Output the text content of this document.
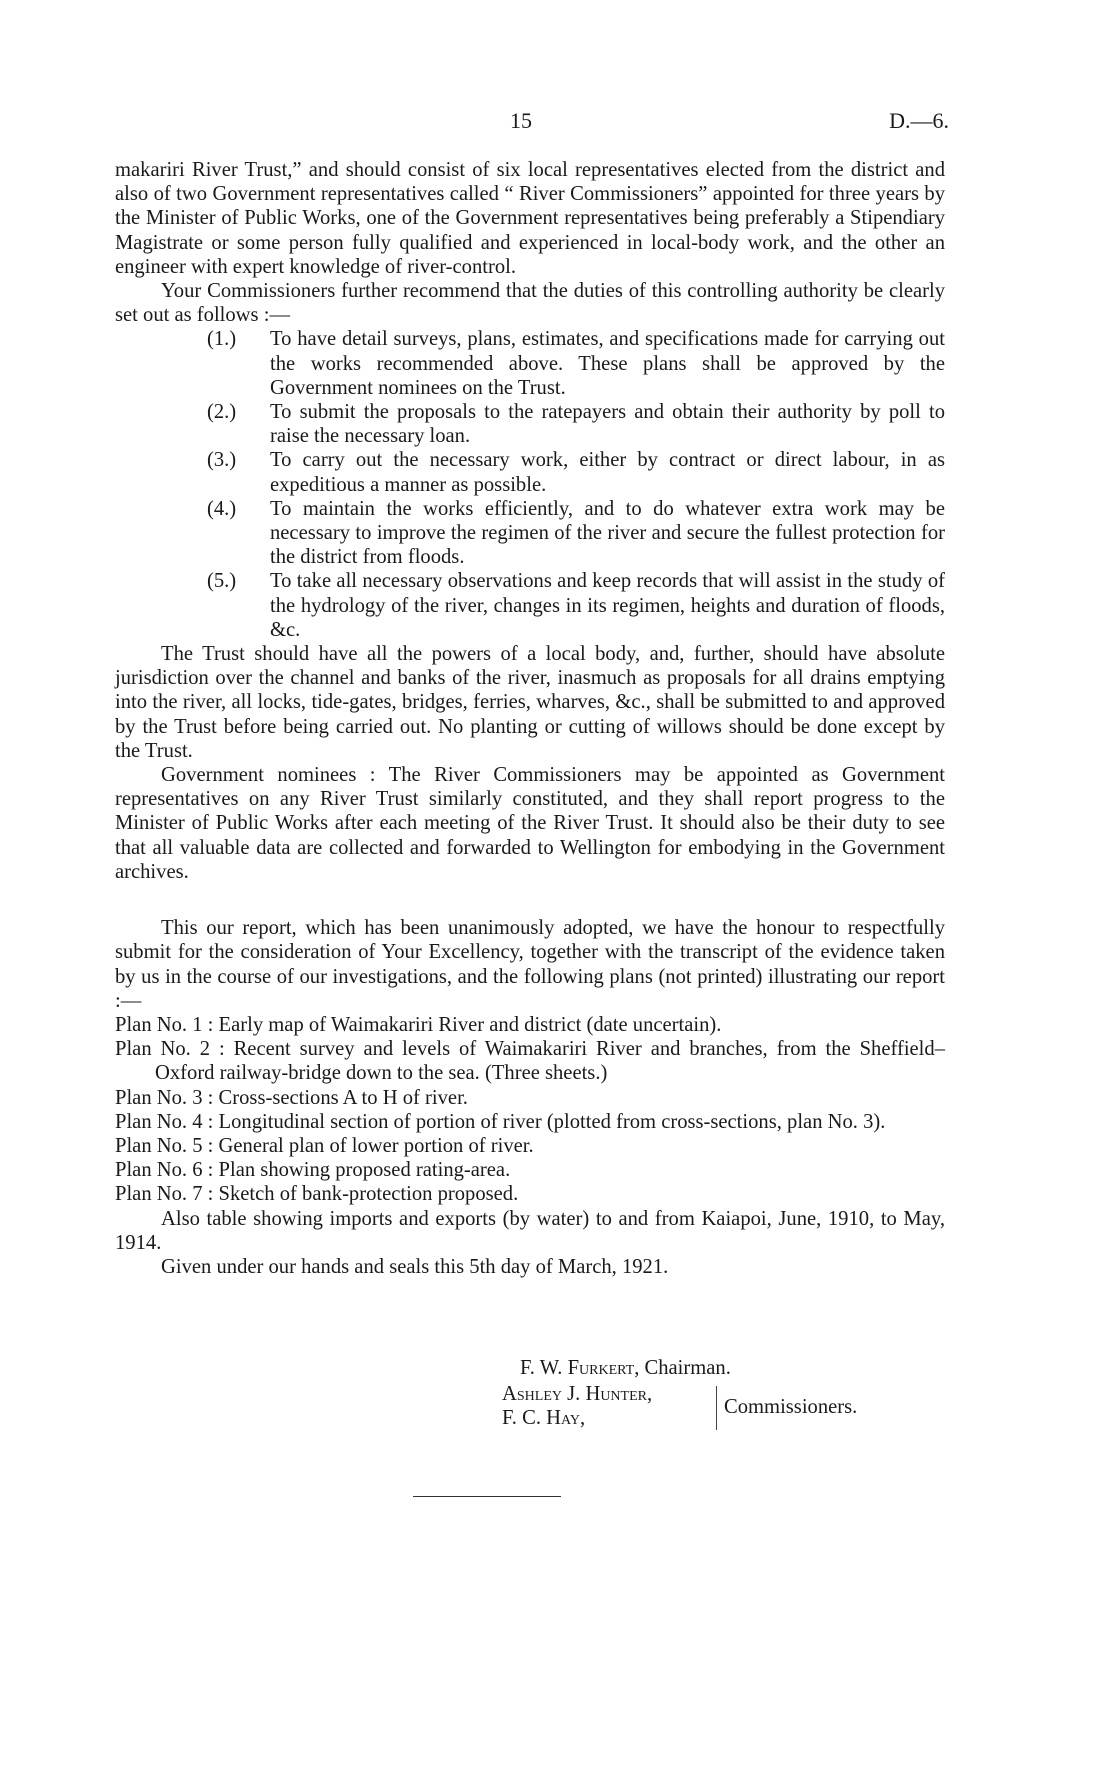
15	D.—6.

makariri River Trust,” and should consist of six local representatives elected from the district and also of two Government representatives called “ River Commissioners” appointed for three years by the Minister of Public Works, one of the Government representatives being preferably a Stipendiary Magistrate or some person fully qualified and experienced in local-body work, and the other an engineer with expert knowledge of river-control.

Your Commissioners further recommend that the duties of this controlling authority be clearly set out as follows :—

(1.) To have detail surveys, plans, estimates, and specifications made for carrying out the works recommended above. These plans shall be approved by the Government nominees on the Trust.
(2.) To submit the proposals to the ratepayers and obtain their authority by poll to raise the necessary loan.
(3.) To carry out the necessary work, either by contract or direct labour, in as expeditious a manner as possible.
(4.) To maintain the works efficiently, and to do whatever extra work may be necessary to improve the regimen of the river and secure the fullest protection for the district from floods.
(5.) To take all necessary observations and keep records that will assist in the study of the hydrology of the river, changes in its regimen, heights and duration of floods, &c.

The Trust should have all the powers of a local body, and, further, should have absolute jurisdiction over the channel and banks of the river, inasmuch as proposals for all drains emptying into the river, all locks, tide-gates, bridges, ferries, wharves, &c., shall be submitted to and approved by the Trust before being carried out. No planting or cutting of willows should be done except by the Trust.

Government nominees : The River Commissioners may be appointed as Government representatives on any River Trust similarly constituted, and they shall report progress to the Minister of Public Works after each meeting of the River Trust. It should also be their duty to see that all valuable data are collected and forwarded to Wellington for embodying in the Government archives.

This our report, which has been unanimously adopted, we have the honour to respectfully submit for the consideration of Your Excellency, together with the transcript of the evidence taken by us in the course of our investigations, and the following plans (not printed) illustrating our report :—

Plan No. 1 : Early map of Waimakariri River and district (date uncertain).

Plan No. 2 : Recent survey and levels of Waimakariri River and branches, from the Sheffield–Oxford railway-bridge down to the sea. (Three sheets.)

Plan No. 3 : Cross-sections A to H of river.

Plan No. 4 : Longitudinal section of portion of river (plotted from cross-sections, plan No. 3).

Plan No. 5 : General plan of lower portion of river.

Plan No. 6 : Plan showing proposed rating-area.

Plan No. 7 : Sketch of bank-protection proposed.

Also table showing imports and exports (by water) to and from Kaiapoi, June, 1910, to May, 1914.

Given under our hands and seals this 5th day of March, 1921.

F. W. Furkert, Chairman.
Ashley J. Hunter,
F. C. Hay,	Commissioners.
